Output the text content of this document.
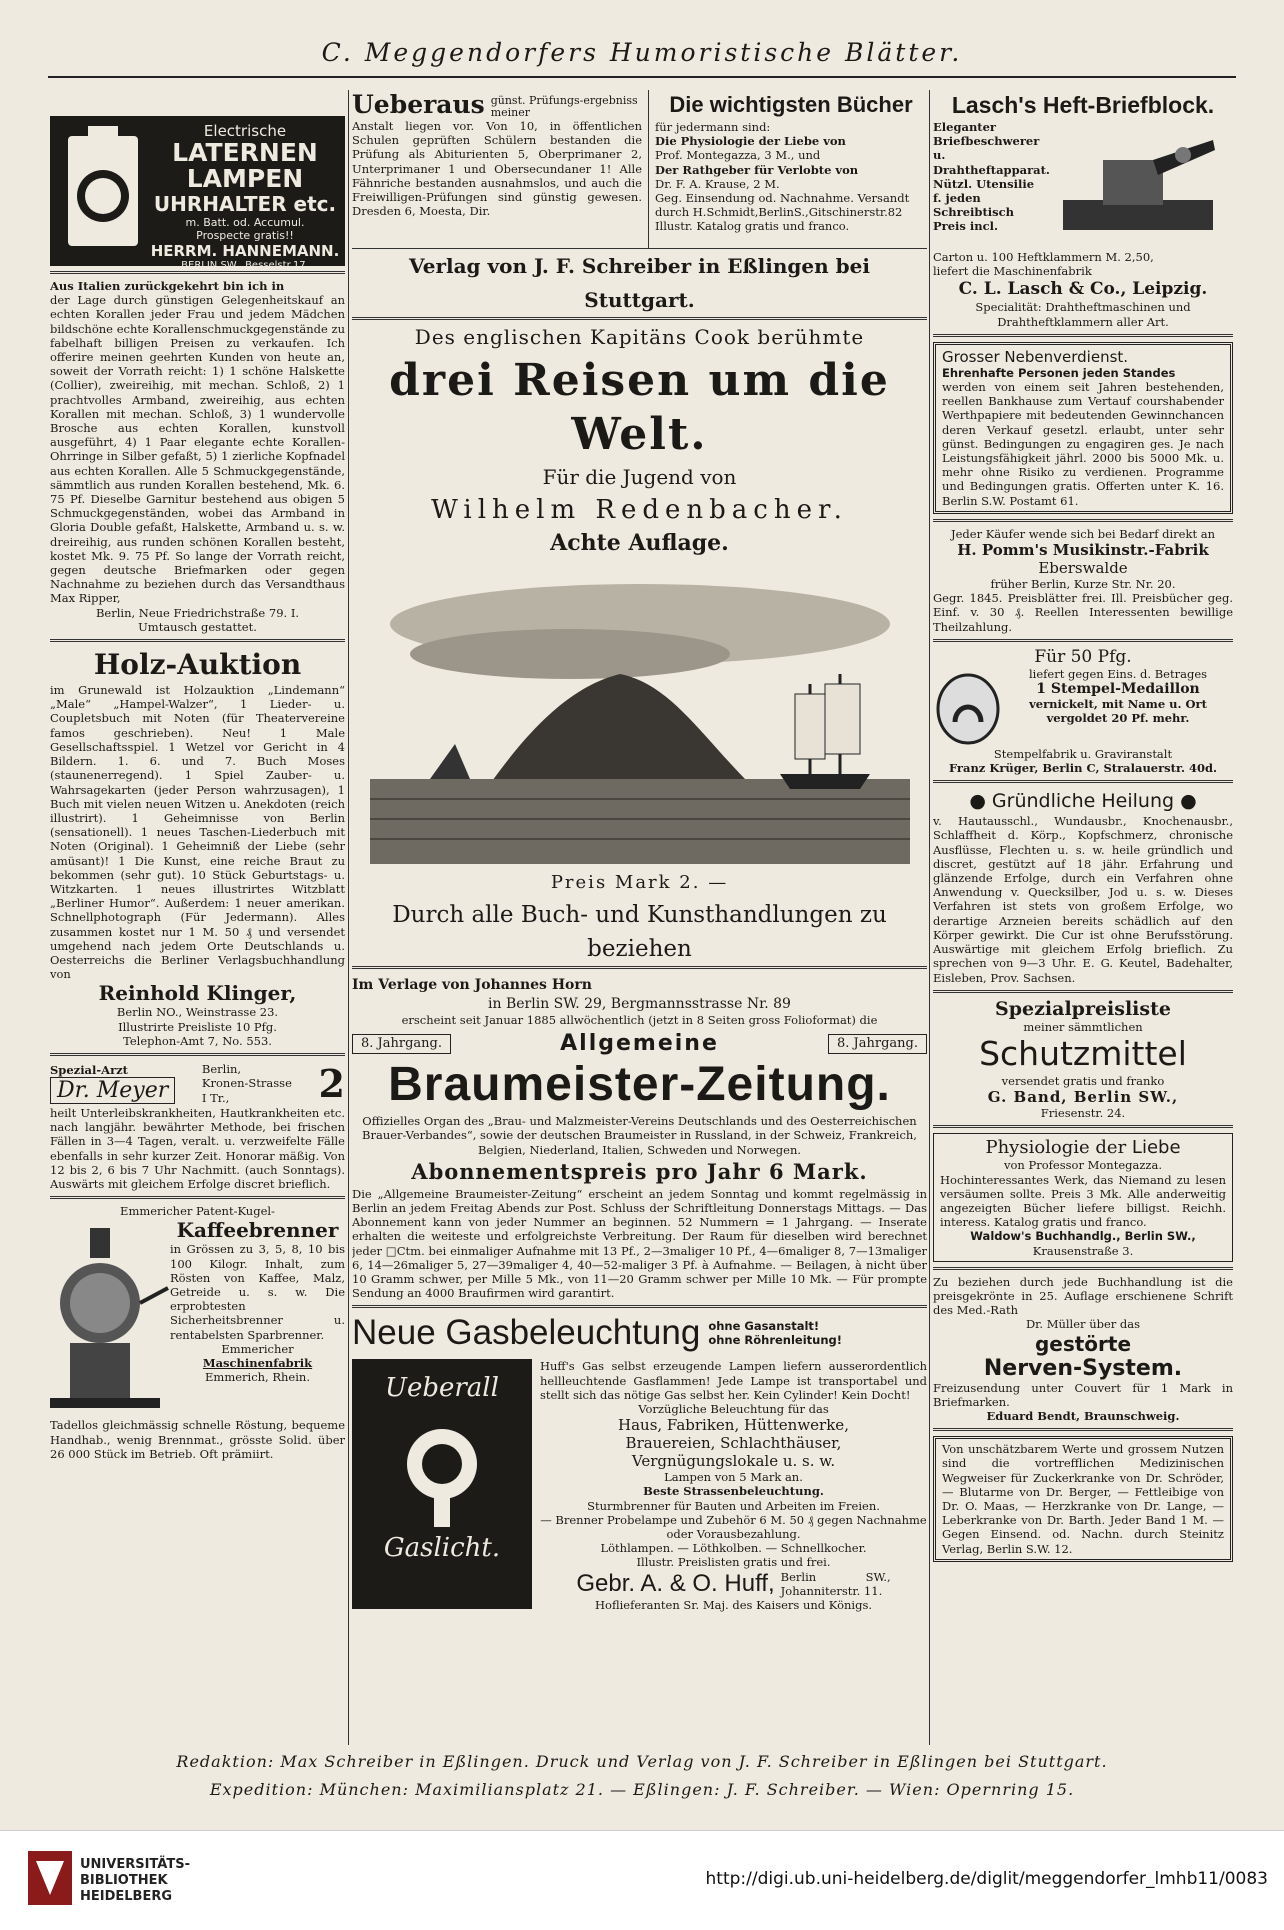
C. Meggendorfers Humoristische Blätter.
Electrische
LATERNEN
LAMPEN
UHRHALTER etc.
m. Batt. od. Accumul.
Prospecte gratis!!
HERRM. HANNEMANN.
BERLIN SW., Besselstr.17.

Aus Italien zurückgekehrt bin ich in

der Lage durch günstigen Gelegenheitskauf an echten Korallen jeder Frau und jedem Mädchen bildschöne echte Korallenschmuckgegenstände zu fabelhaft billigen Preisen zu verkaufen. Ich offerire meinen geehrten Kunden von heute an, soweit der Vorrath reicht: 1) 1 schöne Halskette (Collier), zweireihig, mit mechan. Schloß, 2) 1 prachtvolles Armband, zweireihig, aus echten Korallen mit mechan. Schloß, 3) 1 wundervolle Brosche aus echten Korallen, kunstvoll ausgeführt, 4) 1 Paar elegante echte Korallen-Ohrringe in Silber gefaßt, 5) 1 zierliche Kopfnadel aus echten Korallen. Alle 5 Schmuckgegenstände, sämmtlich aus runden Korallen bestehend, Mk. 6. 75 Pf. Dieselbe Garnitur bestehend aus obigen 5 Schmuckgegenständen, wobei das Armband in Gloria Double gefaßt, Halskette, Armband u. s. w. dreireihig, aus runden schönen Korallen besteht, kostet Mk. 9. 75 Pf. So lange der Vorrath reicht, gegen deutsche Briefmarken oder gegen Nachnahme zu beziehen durch das Versandthaus Max Ripper,

Berlin, Neue Friedrichstraße 79. I.

Umtausch gestattet.

Holz-Auktion

im Grunewald ist Holzauktion „Lindemann“ „Male“ „Hampel-Walzer“, 1 Lieder- u. Coupletsbuch mit Noten (für Theatervereine famos geschrieben). Neu! 1 Male Gesellschaftsspiel. 1 Wetzel vor Gericht in 4 Bildern. 1. 6. und 7. Buch Moses (staunenerregend). 1 Spiel Zauber- u. Wahrsagekarten (jeder Person wahrzusagen), 1 Buch mit vielen neuen Witzen u. Anekdoten (reich illustrirt). 1 Geheimnisse von Berlin (sensationell). 1 neues Taschen-Liederbuch mit Noten (Original). 1 Geheimniß der Liebe (sehr amüsant)! 1 Die Kunst, eine reiche Braut zu bekommen (sehr gut). 10 Stück Geburtstags- u. Witzkarten. 1 neues illustrirtes Witzblatt „Berliner Humor“. Außerdem: 1 neuer amerikan. Schnellphotograph (Für Jedermann). Alles zusammen kostet nur 1 M. 50 ₰ und versendet umgehend nach jedem Orte Deutschlands u. Oesterreichs die Berliner Verlagsbuchhandlung von

Reinhold Klinger,

Berlin NO., Weinstrasse 23.

Illustrirte Preisliste 10 Pfg.

Telephon-Amt 7, No. 553.

Spezial-Arzt
Dr. Meyer
Berlin,
Kronen-Strasse
I Tr.,	2

heilt Unterleibskrankheiten, Hautkrankheiten etc. nach langjähr. bewährter Methode, bei frischen Fällen in 3—4 Tagen, veralt. u. verzweifelte Fälle ebenfalls in sehr kurzer Zeit. Honorar mäßig. Von 12 bis 2, 6 bis 7 Uhr Nachmitt. (auch Sonntags). Auswärts mit gleichem Erfolge discret brieflich.

Emmericher Patent-Kugel-

Kaffeebrenner

in Grössen zu 3, 5, 8, 10 bis 100 Kilogr. Inhalt, zum Rösten von Kaffee, Malz, Getreide u. s. w. Die erprobtesten Sicherheitsbrenner u. rentabelsten Sparbrenner.

Emmericher

Maschinenfabrik

Emmerich, Rhein.

Tadellos gleichmässig schnelle Röstung, bequeme Handhab., wenig Brennmat., grösste Solid. über 26 000 Stück im Betrieb. Oft prämiirt.

Ueberaus günst. Prüfungs-ergebniss meiner

Anstalt liegen vor. Von 10, in öffentlichen Schulen geprüften Schülern bestanden die Prüfung als Abiturienten 5, Oberprimaner 2, Unterprimaner 1 und Obersecundaner 1! Alle Fähnriche bestanden ausnahmslos, und auch die Freiwilligen-Prüfungen sind günstig gewesen. Dresden 6, Moesta, Dir.

Die wichtigsten Bücher

für jedermann sind:

Die Physiologie der Liebe von

Prof. Montegazza, 3 M., und

Der Rathgeber für Verlobte von

Dr. F. A. Krause, 2 M.

Geg. Einsendung od. Nachnahme. Versandt

durch H.Schmidt,BerlinS.,Gitschinerstr.82

Illustr. Katalog gratis und franco.

Verlag von J. F. Schreiber in Eßlingen bei Stuttgart.

Des englischen Kapitäns Cook berühmte

drei Reisen um die Welt.

Für die Jugend von

Wilhelm Redenbacher.

Achte Auflage.

Preis Mark 2. —

Durch alle Buch- und Kunsthandlungen zu beziehen

Im Verlage von Johannes Horn

in Berlin SW. 29, Bergmannsstrasse Nr. 89

erscheint seit Januar 1885 allwöchentlich (jetzt in 8 Seiten gross Folioformat) die

8. Jahrgang.	Allgemeine	8. Jahrgang.

Braumeister-Zeitung.

Offizielles Organ des „Brau- und Malzmeister-Vereins Deutschlands und des Oesterreichischen Brauer-Verbandes“, sowie der deutschen Braumeister in Russland, in der Schweiz, Frankreich, Belgien, Niederland, Italien, Schweden und Norwegen.

Abonnementspreis pro Jahr 6 Mark.

Die „Allgemeine Braumeister-Zeitung“ erscheint an jedem Sonntag und kommt regelmässig in Berlin an jedem Freitag Abends zur Post. Schluss der Schriftleitung Donnerstags Mittags. — Das Abonnement kann von jeder Nummer an beginnen. 52 Nummern = 1 Jahrgang. — Inserate erhalten die weiteste und erfolgreichste Verbreitung. Der Raum für dieselben wird berechnet jeder □Ctm. bei einmaliger Aufnahme mit 13 Pf., 2—3maliger 10 Pf., 4—6maliger 8, 7—13maliger 6, 14—26maliger 5, 27—39maliger 4, 40—52-maliger 3 Pf. à Aufnahme. — Beilagen, à nicht über 10 Gramm schwer, per Mille 5 Mk., von 11—20 Gramm schwer per Mille 10 Mk. — Für prompte Sendung an 4000 Braufirmen wird garantirt.

Neue Gasbeleuchtung ohne Gasanstalt!
ohne Röhrenleitung!
Ueberall
Gaslicht.

Huff's Gas selbst erzeugende Lampen liefern ausserordentlich hellleuchtende Gasflammen! Jede Lampe ist transportabel und stellt sich das nötige Gas selbst her. Kein Cylinder! Kein Docht!

Vorzügliche Beleuchtung für das

Haus, Fabriken, Hüttenwerke,

Brauereien, Schlachthäuser,

Vergnügungslokale u. s. w.

Lampen von 5 Mark an.

Beste Strassenbeleuchtung.

Sturmbrenner für Bauten und Arbeiten im Freien.

— Brenner Probelampe und Zubehör 6 M. 50 ₰ gegen Nachnahme oder Vorausbezahlung.

Löthlampen. — Löthkolben. — Schnellkocher.

Illustr. Preislisten gratis und frei.

Gebr. A. & O. Huff, Berlin SW., Johanniterstr. 11.

Hoflieferanten Sr. Maj. des Kaisers und Königs.

Lasch's Heft-Briefblock.

Eleganter Briefbeschwerer u. Drahtheftapparat. Nützl. Utensilie f. jeden Schreibtisch Preis incl.

Carton u. 100 Heftklammern M. 2,50,

liefert die Maschinenfabrik

C. L. Lasch & Co., Leipzig.

Specialität: Drahtheftmaschinen und Drahtheftklammern aller Art.

Grosser Nebenverdienst.

Ehrenhafte Personen jeden Standes

werden von einem seit Jahren bestehenden, reellen Bankhause zum Vertauf courshabender Werthpapiere mit bedeutenden Gewinnchancen deren Verkauf gesetzl. erlaubt, unter sehr günst. Bedingungen zu engagiren ges. Je nach Leistungsfähigkeit jährl. 2000 bis 5000 Mk. u. mehr ohne Risiko zu verdienen. Programme und Bedingungen gratis. Offerten unter K. 16. Berlin S.W. Postamt 61.

Jeder Käufer wende sich bei Bedarf direkt an

H. Pomm's Musikinstr.-Fabrik

Eberswalde

früher Berlin, Kurze Str. Nr. 20.

Gegr. 1845. Preisblätter frei. Ill. Preisbücher geg. Einf. v. 30 ₰. Reellen Interessenten bewillige Theilzahlung.

Für 50 Pfg.

liefert gegen Eins. d. Betrages

1 Stempel-Medaillon

vernickelt, mit Name u. Ort

vergoldet 20 Pf. mehr.

Stempelfabrik u. Graviranstalt

Franz Krüger, Berlin C, Stralauerstr. 40d.

● Gründliche Heilung ●

v. Hautausschl., Wundausbr., Knochenausbr., Schlaffheit d. Körp., Kopfschmerz, chronische Ausflüsse, Flechten u. s. w. heile gründlich und discret, gestützt auf 18 jähr. Erfahrung und glänzende Erfolge, durch ein Verfahren ohne Anwendung v. Quecksilber, Jod u. s. w. Dieses Verfahren ist stets von großem Erfolge, wo derartige Arzneien bereits schädlich auf den Körper gewirkt. Die Cur ist ohne Berufsstörung. Auswärtige mit gleichem Erfolg brieflich. Zu sprechen von 9—3 Uhr. E. G. Keutel, Badehalter, Eisleben, Prov. Sachsen.

Spezialpreisliste

meiner sämmtlichen

Schutzmittel

versendet gratis und franko

G. Band, Berlin SW.,

Friesenstr. 24.

Physiologie der Liebe

von Professor Montegazza.

Hochinteressantes Werk, das Niemand zu lesen versäumen sollte. Preis 3 Mk. Alle anderweitig angezeigten Bücher liefere billigst. Reichh. interess. Katalog gratis und franco.

Waldow's Buchhandlg., Berlin SW.,

Krausenstraße 3.

Zu beziehen durch jede Buchhandlung ist die preisgekrönte in 25. Auflage erschienene Schrift des Med.-Rath

Dr. Müller über das

gestörte

Nerven-System.

Freizusendung unter Couvert für 1 Mark in Briefmarken.

Eduard Bendt, Braunschweig.

Von unschätzbarem Werte und grossem Nutzen sind die vortrefflichen Medizinischen Wegweiser für Zuckerkranke von Dr. Schröder, — Blutarme von Dr. Berger, — Fettleibige von Dr. O. Maas, — Herzkranke von Dr. Lange, — Leberkranke von Dr. Barth. Jeder Band 1 M. — Gegen Einsend. od. Nachn. durch Steinitz Verlag, Berlin S.W. 12.

Redaktion: Max Schreiber in Eßlingen. Druck und Verlag von J. F. Schreiber in Eßlingen bei Stuttgart.
Expedition: München: Maximiliansplatz 21. — Eßlingen: J. F. Schreiber. — Wien: Opernring 15.
UNIVERSITÄTS-
BIBLIOTHEK
HEIDELBERG
http://digi.ub.uni-heidelberg.de/diglit/meggendorfer_lmhb11/0083
